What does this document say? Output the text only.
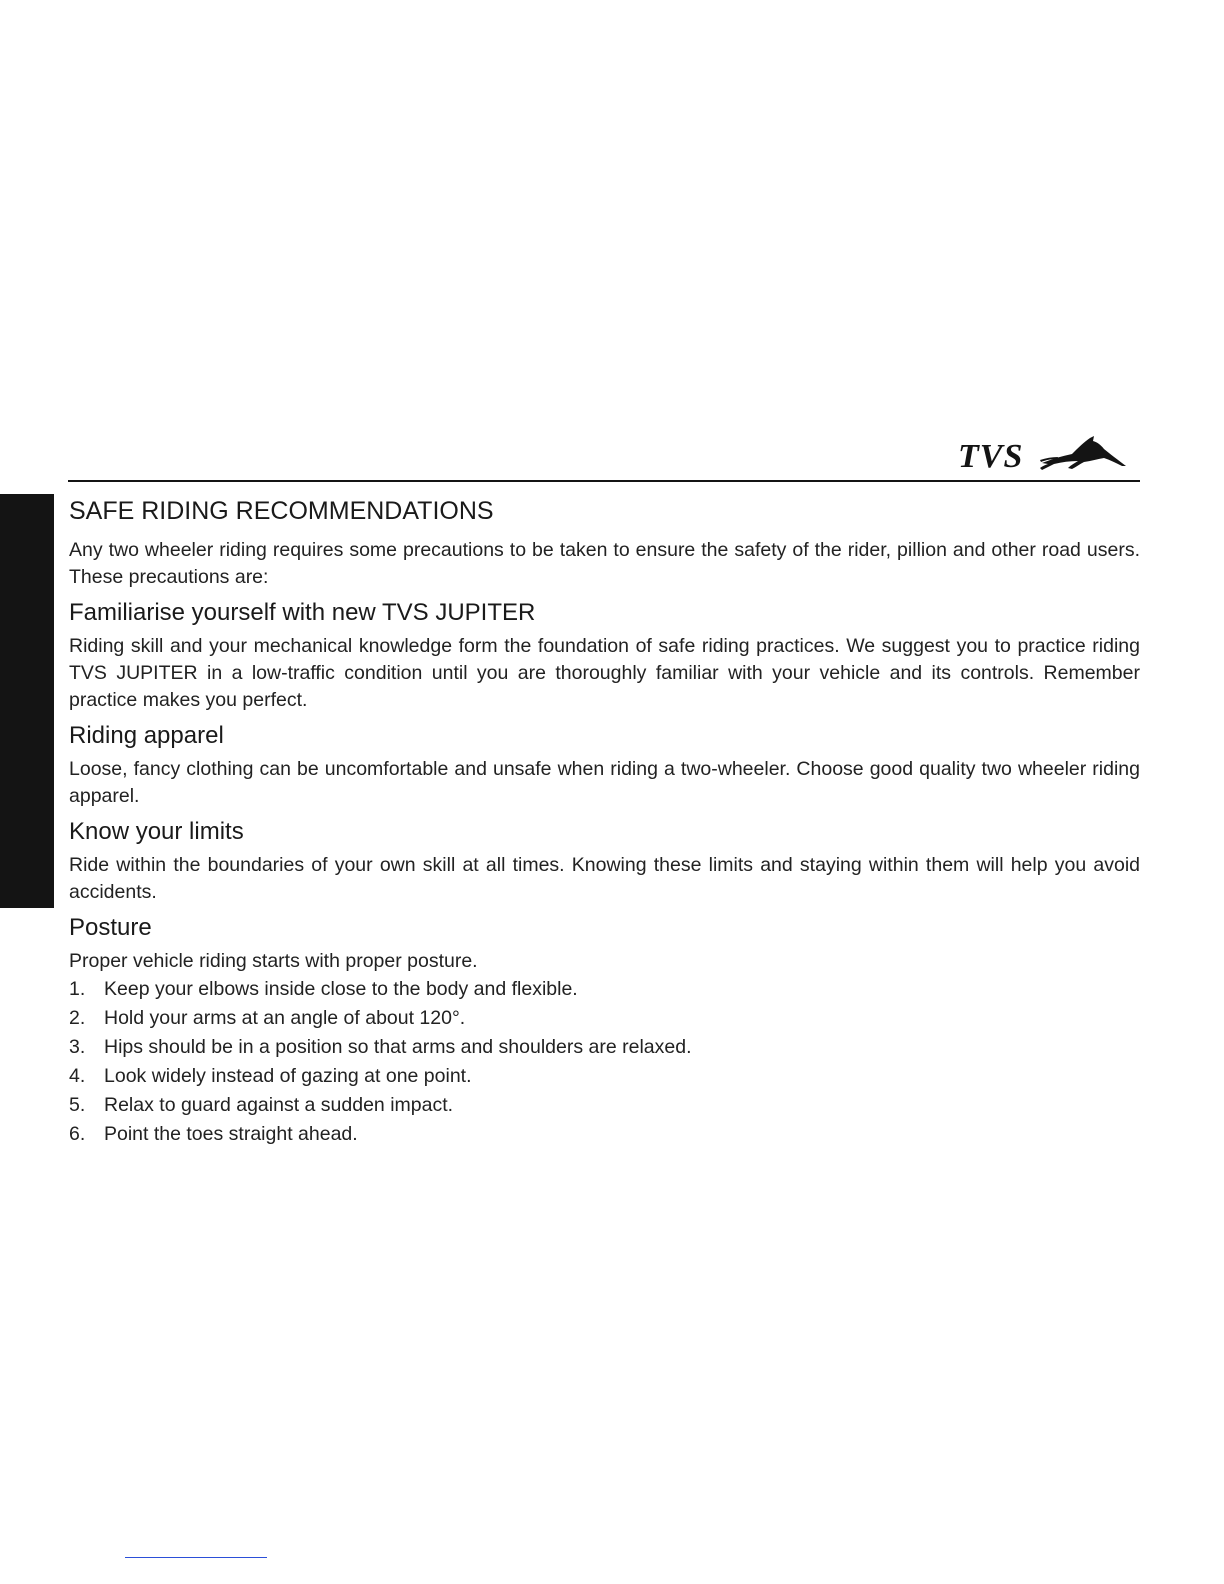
TVS
SAFE RIDING RECOMMENDATIONS

Any two wheeler riding requires some precautions to be taken to ensure the safety of the rider, pillion and other road users. These precautions are:

Familiarise yourself with new TVS JUPITER

Riding skill and your mechanical knowledge form the foundation of safe riding practices. We suggest you to practice riding TVS JUPITER in a low-traffic condition until you are thoroughly familiar with your vehicle and its controls. Remember practice makes you perfect.

Riding apparel

Loose, fancy clothing can be uncomfortable and unsafe when riding a two-wheeler. Choose good quality two wheeler riding apparel.

Know your limits

Ride within the boundaries of your own skill at all times. Knowing these limits and staying within them will help you avoid accidents.

Posture

Proper vehicle riding starts with proper posture.

1. Keep your elbows inside close to the body and flexible.
2. Hold your arms at an angle of about 120°.
3. Hips should be in a position so that arms and shoulders are relaxed.
4. Look widely instead of gazing at one point.
5. Relax to guard against a sudden impact.
6. Point the toes straight ahead.
